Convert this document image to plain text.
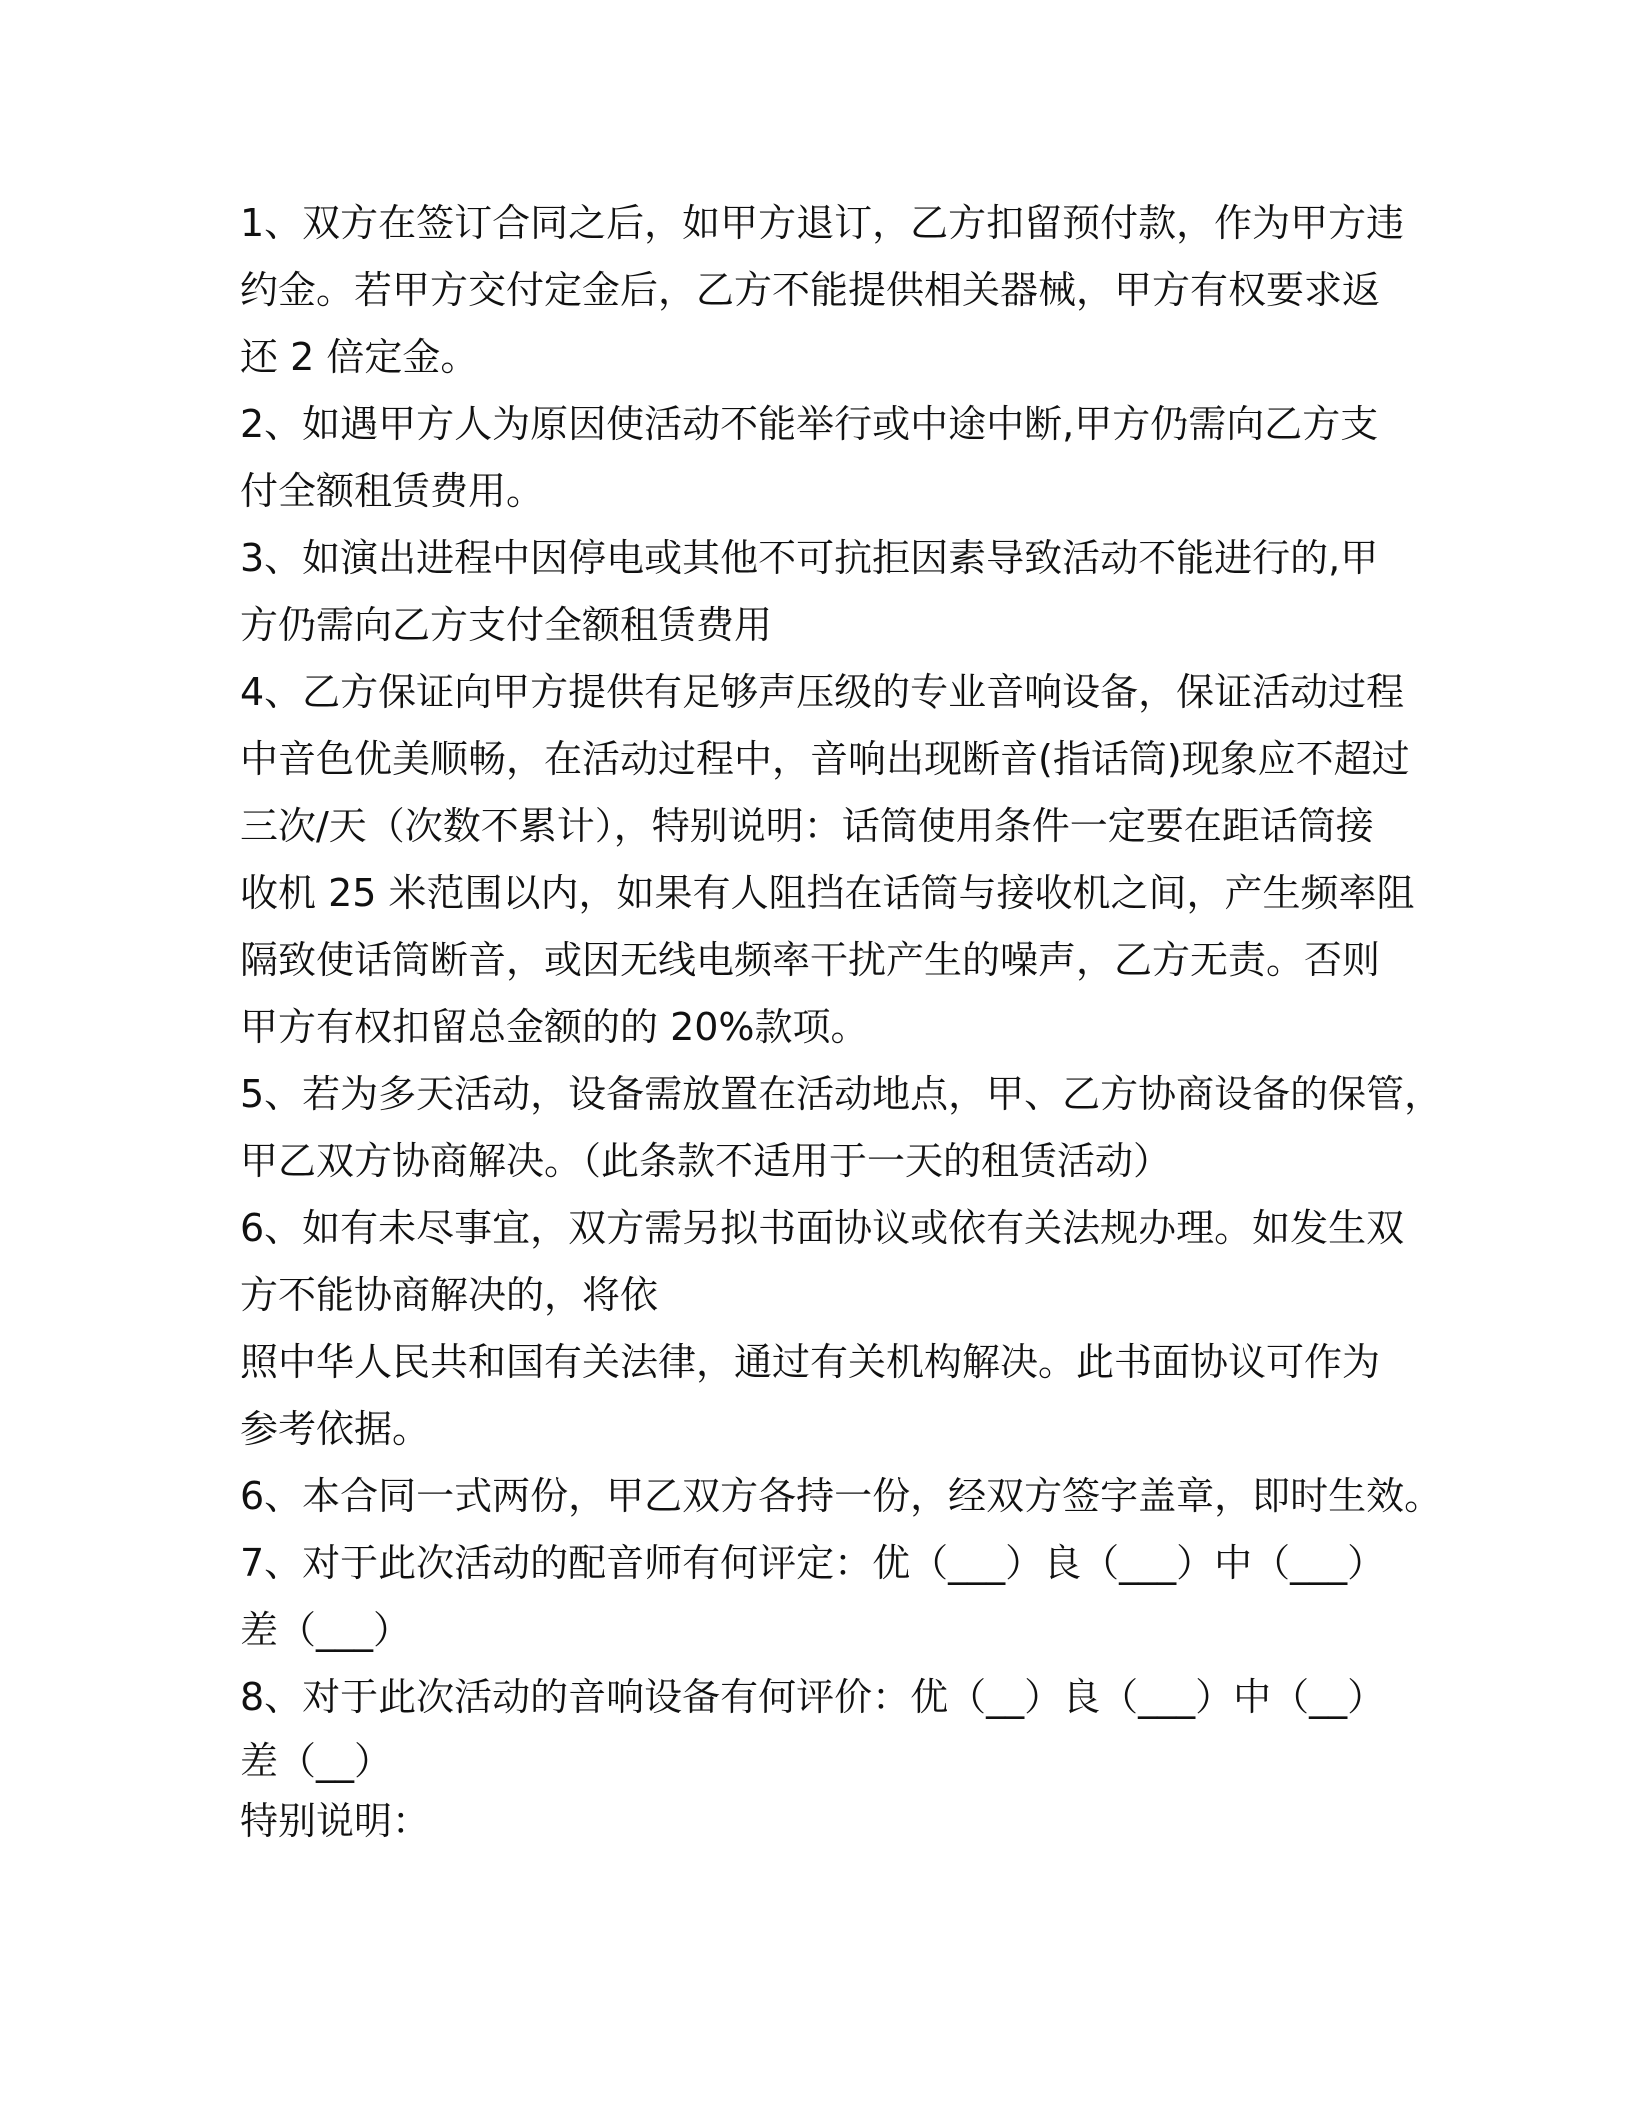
1、双方在签订合同之后，如甲方退订，乙方扣留预付款，作为甲方违
约金。若甲方交付定金后，乙方不能提供相关器械，甲方有权要求返
还 2 倍定金。
2、如遇甲方人为原因使活动不能举行或中途中断,甲方仍需向乙方支
付全额租赁费用。
3、如演出进程中因停电或其他不可抗拒因素导致活动不能进行的,甲
方仍需向乙方支付全额租赁费用
4、乙方保证向甲方提供有足够声压级的专业音响设备，保证活动过程
中音色优美顺畅，在活动过程中，音响出现断音(指话筒)现象应不超过
三次/天（次数不累计），特别说明：话筒使用条件一定要在距话筒接
收机 25 米范围以内，如果有人阻挡在话筒与接收机之间，产生频率阻
隔致使话筒断音，或因无线电频率干扰产生的噪声，乙方无责。否则
甲方有权扣留总金额的的 20%款项。
5、若为多天活动，设备需放置在活动地点，甲、乙方协商设备的保管，
甲乙双方协商解决。（此条款不适用于一天的租赁活动）
6、如有未尽事宜，双方需另拟书面协议或依有关法规办理。如发生双
方不能协商解决的，将依
照中华人民共和国有关法律，通过有关机构解决。此书面协议可作为
参考依据。
6、本合同一式两份，甲乙双方各持一份，经双方签字盖章，即时生效。
7、对于此次活动的配音师有何评定：优（___）良（___）中（___）
差（___）
8、对于此次活动的音响设备有何评价：优（__）良（___）中（__）
差（__）
特别说明：
